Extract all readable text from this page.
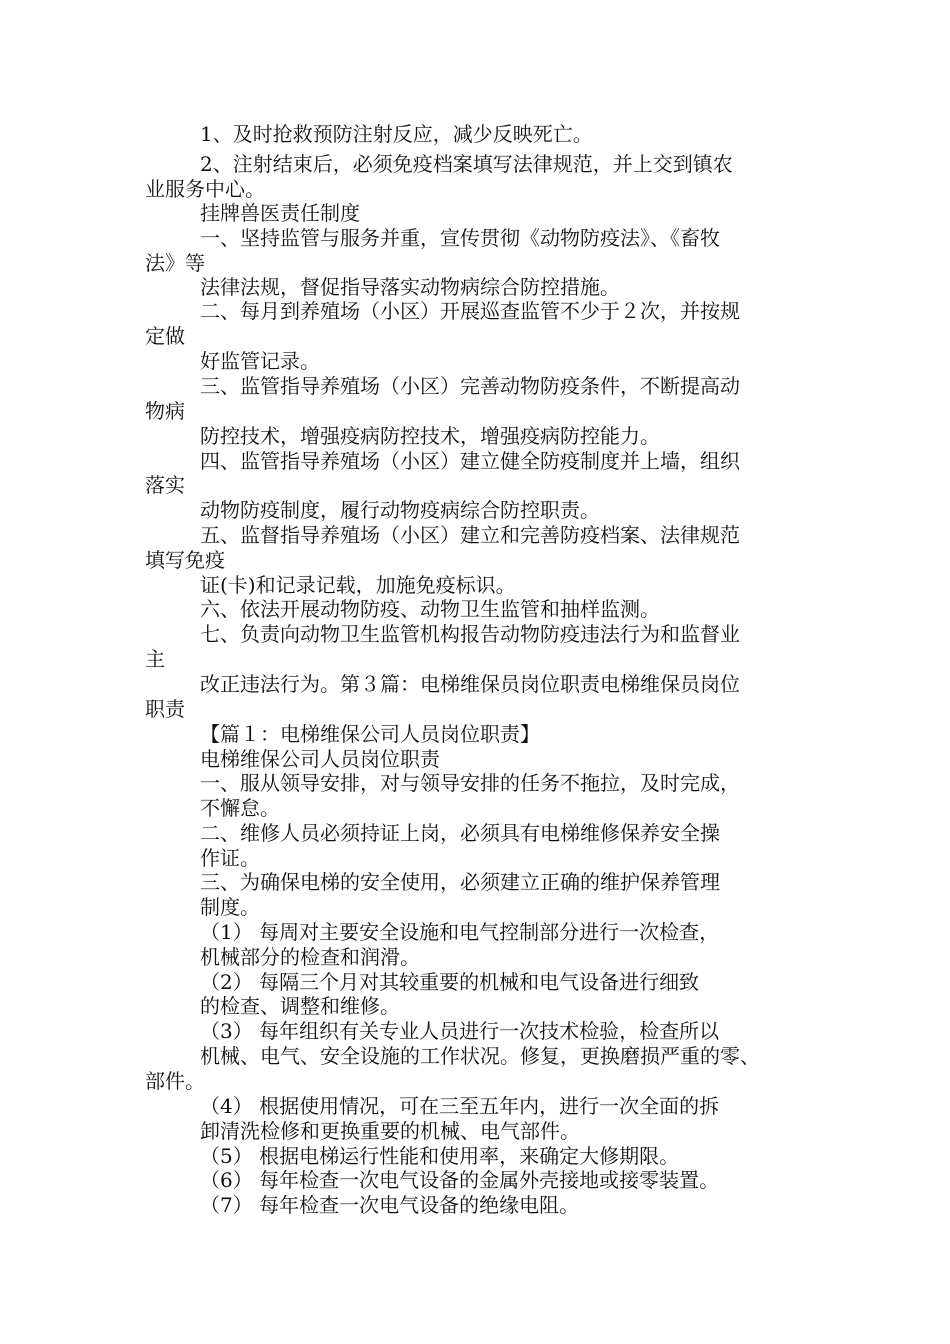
1、及时抢救预防注射反应，减少反映死亡。
2、注射结束后，必须免疫档案填写法律规范，并上交到镇农
业服务中心。
挂牌兽医责任制度
一、坚持监管与服务并重，宣传贯彻《动物防疫法》、《畜牧
法》等
法律法规，督促指导落实动物病综合防控措施。
二、每月到养殖场（小区）开展巡查监管不少于２次，并按规
定做
好监管记录。
三、监管指导养殖场（小区）完善动物防疫条件，不断提高动
物病
防控技术，增强疫病防控技术，增强疫病防控能力。
四、监管指导养殖场（小区）建立健全防疫制度并上墙，组织
落实
动物防疫制度，履行动物疫病综合防控职责。
五、监督指导养殖场（小区）建立和完善防疫档案、法律规范
填写免疫
证(卡)和记录记载，加施免疫标识。
六、依法开展动物防疫、动物卫生监管和抽样监测。
七、负责向动物卫生监管机构报告动物防疫违法行为和监督业
主
改正违法行为。第３篇：电梯维保员岗位职责电梯维保员岗位
职责
【篇１：电梯维保公司人员岗位职责】
电梯维保公司人员岗位职责
一、服从领导安排，对与领导安排的任务不拖拉，及时完成，
不懈怠。
二、维修人员必须持证上岗，必须具有电梯维修保养安全操
作证。
三、为确保电梯的安全使用，必须建立正确的维护保养管理
制度。
（1） 每周对主要安全设施和电气控制部分进行一次检查，
机械部分的检查和润滑。
（2） 每隔三个月对其较重要的机械和电气设备进行细致
的检查、调整和维修。
（3） 每年组织有关专业人员进行一次技术检验，检查所以
机械、电气、安全设施的工作状况。修复，更换磨损严重的零、
部件。
（4） 根据使用情况，可在三至五年内，进行一次全面的拆
卸清洗检修和更换重要的机械、电气部件。
（5） 根据电梯运行性能和使用率，来确定大修期限。
（6） 每年检查一次电气设备的金属外壳接地或接零装置。
（7） 每年检查一次电气设备的绝缘电阻。
